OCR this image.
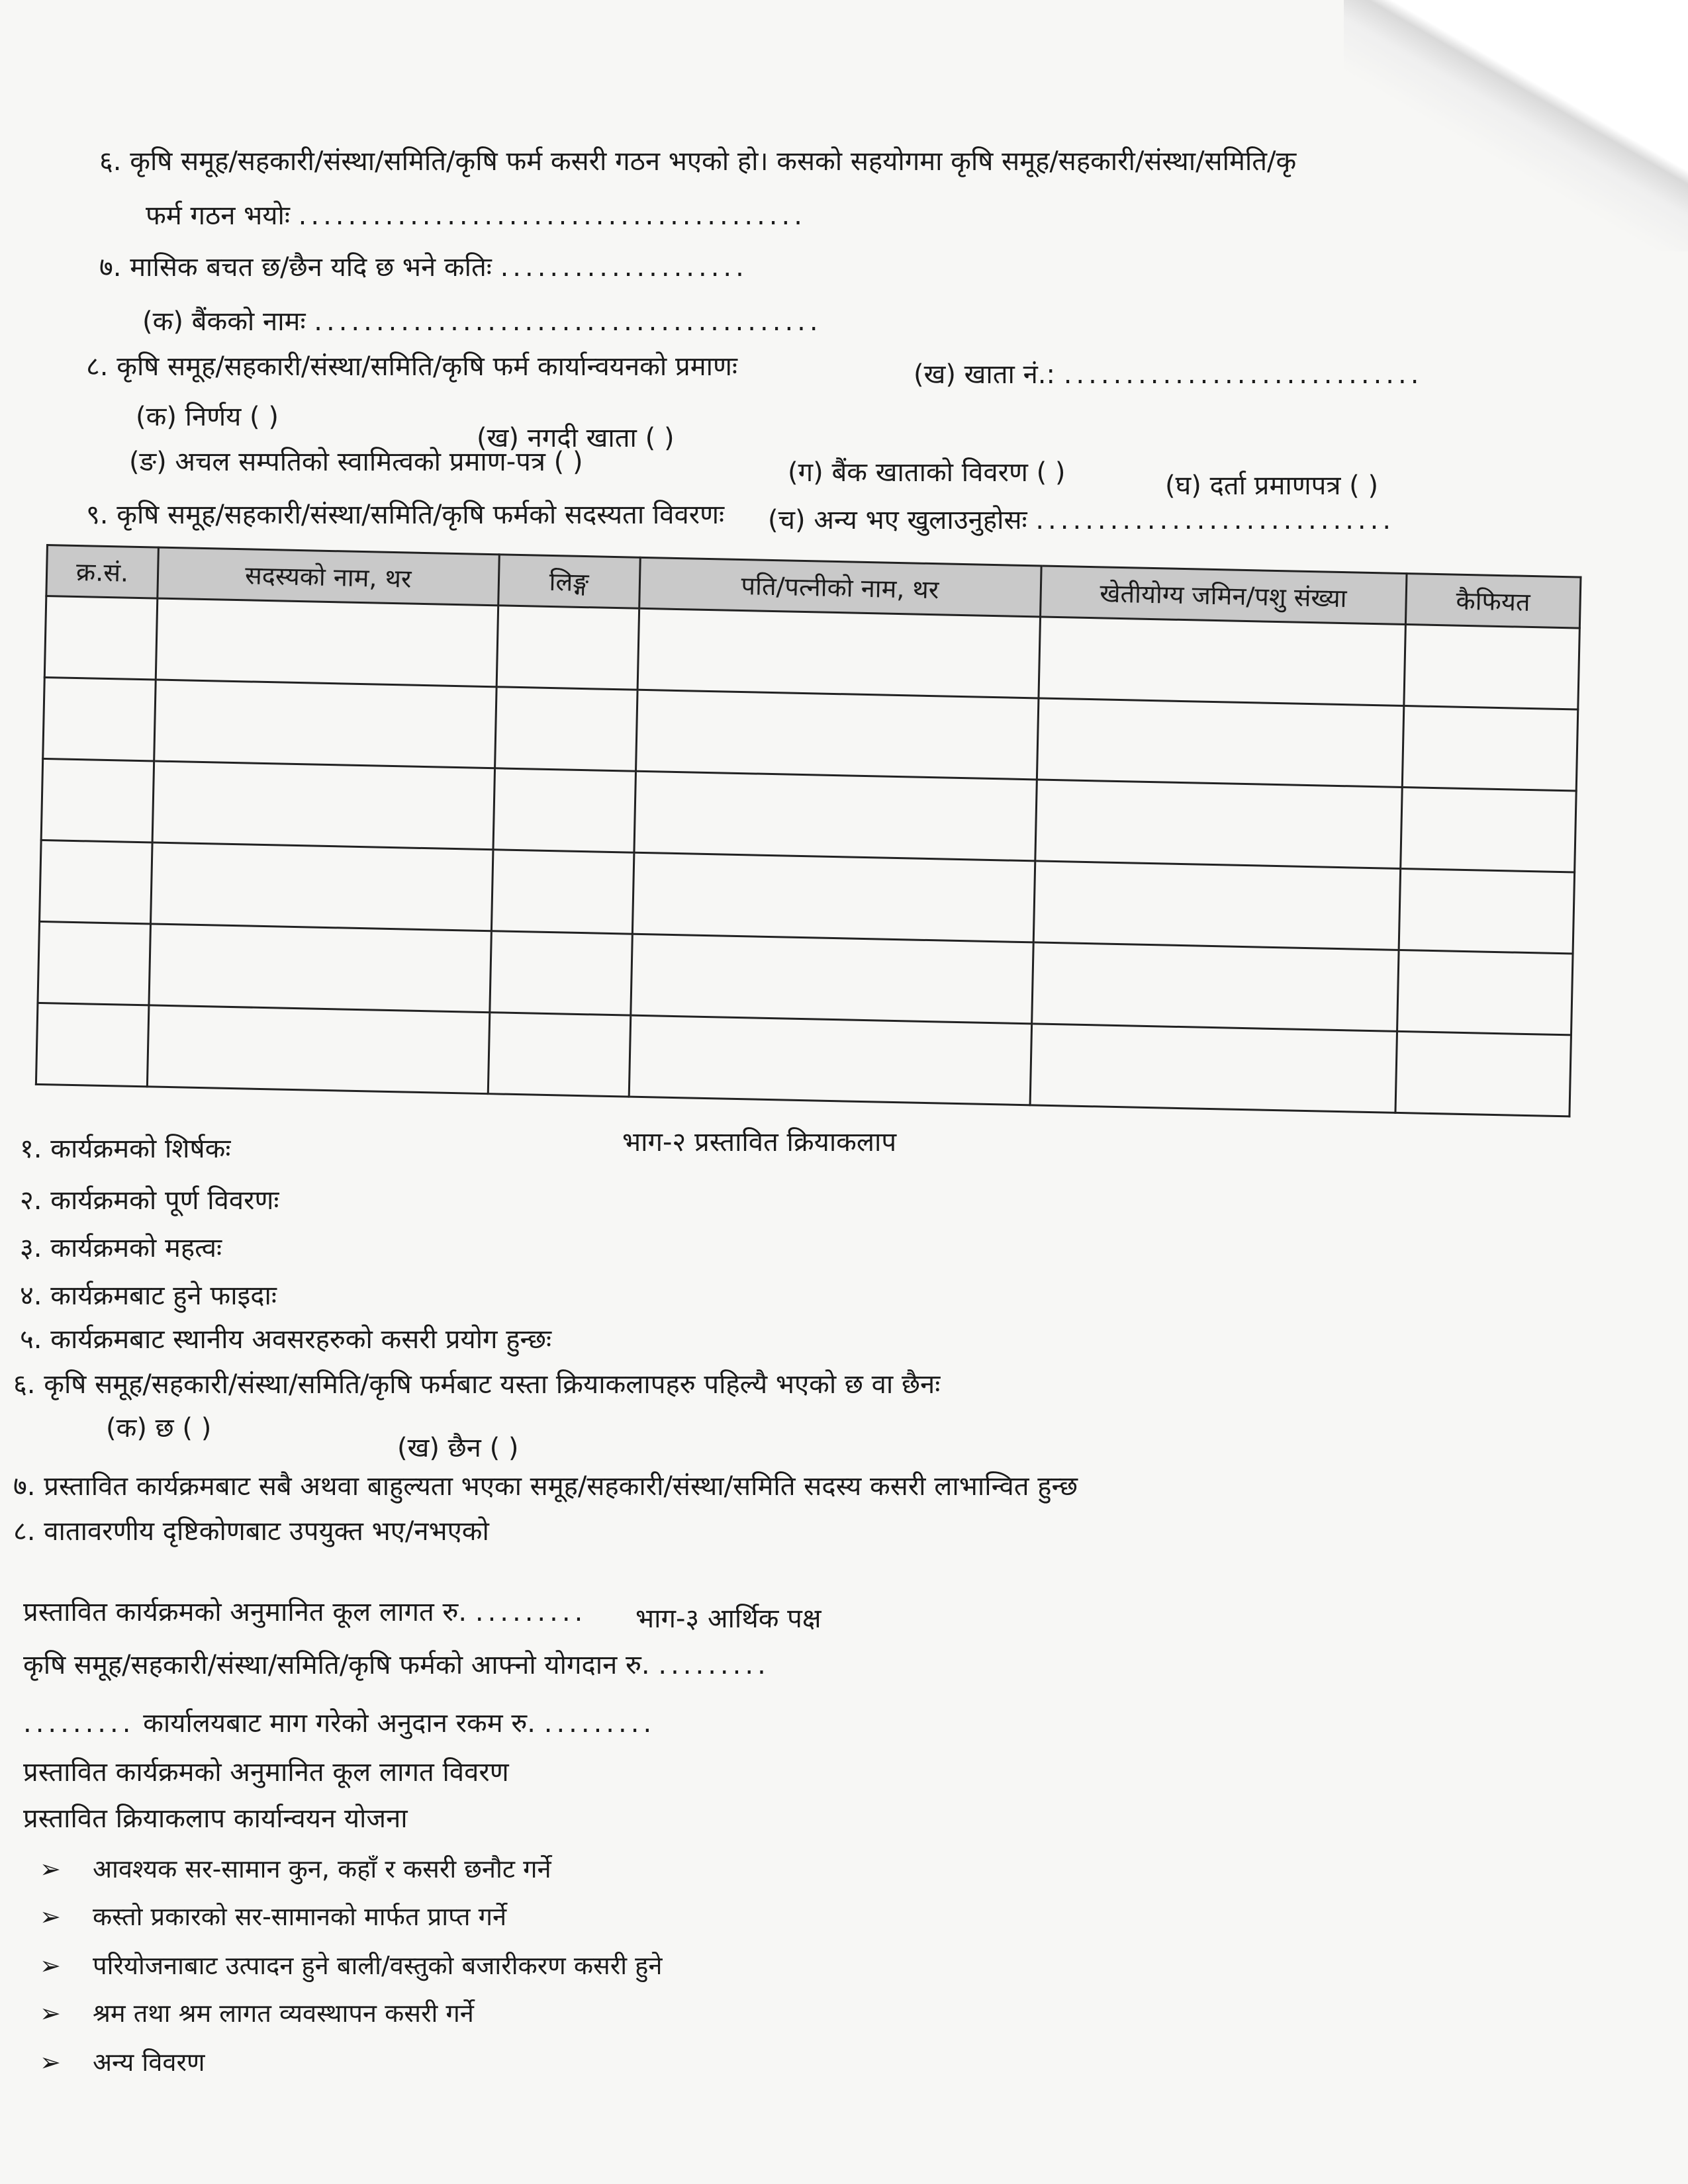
६. कृषि समूह/सहकारी/संस्था/समिति/कृषि फर्म कसरी गठन भएको हो। कसको सहयोगमा कृषि समूह/सहकारी/संस्था/समिति/कृ
फर्म गठन भयोः .........................................
७. मासिक बचत छ/छैन यदि छ भने कतिः ....................
(क) बैंकको नामः .........................................
८. कृषि समूह/सहकारी/संस्था/समिति/कृषि फर्म कार्यान्वयनको प्रमाणः	(ख) खाता नं.: .............................
(क) निर्णय ( )
(ख) नगदी खाता ( )
(ग) बैंक खाताको विवरण ( )	(घ) दर्ता प्रमाणपत्र ( )
(ङ) अचल सम्पतिको स्वामित्वको प्रमाण-पत्र ( )
(च) अन्य भए खुलाउनुहोसः .............................
९. कृषि समूह/सहकारी/संस्था/समिति/कृषि फर्मको सदस्यता विवरणः
क्र.सं.	सदस्यको नाम, थर	लिङ्ग	पति/पत्नीको नाम, थर	खेतीयोग्य जमिन/पशु संख्या	कैफियत

भाग-२ प्रस्तावित क्रियाकलाप
१. कार्यक्रमको शिर्षकः
२. कार्यक्रमको पूर्ण विवरणः
३. कार्यक्रमको महत्वः
४. कार्यक्रमबाट हुने फाइदाः
५. कार्यक्रमबाट स्थानीय अवसरहरुको कसरी प्रयोग हुन्छः
६. कृषि समूह/सहकारी/संस्था/समिति/कृषि फर्मबाट यस्ता क्रियाकलापहरु पहिल्यै भएको छ वा छैनः
(क) छ ( )
(ख) छैन ( )
७. प्रस्तावित कार्यक्रमबाट सबै अथवा बाहुल्यता भएका समूह/सहकारी/संस्था/समिति सदस्य कसरी लाभान्वित हुन्छ
८. वातावरणीय दृष्टिकोणबाट उपयुक्त भए/नभएको
भाग-३ आर्थिक पक्ष
प्रस्तावित कार्यक्रमको अनुमानित कूल लागत रु. .........
कृषि समूह/सहकारी/संस्था/समिति/कृषि फर्मको आफ्नो योगदान रु. .........
......... कार्यालयबाट माग गरेको अनुदान रकम रु. .........
प्रस्तावित कार्यक्रमको अनुमानित कूल लागत विवरण
प्रस्तावित क्रियाकलाप कार्यान्वयन योजना
➢ आवश्यक सर-सामान कुन, कहाँ र कसरी छनौट गर्ने
➢ कस्तो प्रकारको सर-सामानको मार्फत प्राप्त गर्ने
➢ परियोजनाबाट उत्पादन हुने बाली/वस्तुको बजारीकरण कसरी हुने
➢ श्रम तथा श्रम लागत व्यवस्थापन कसरी गर्ने
➢ अन्य विवरण
